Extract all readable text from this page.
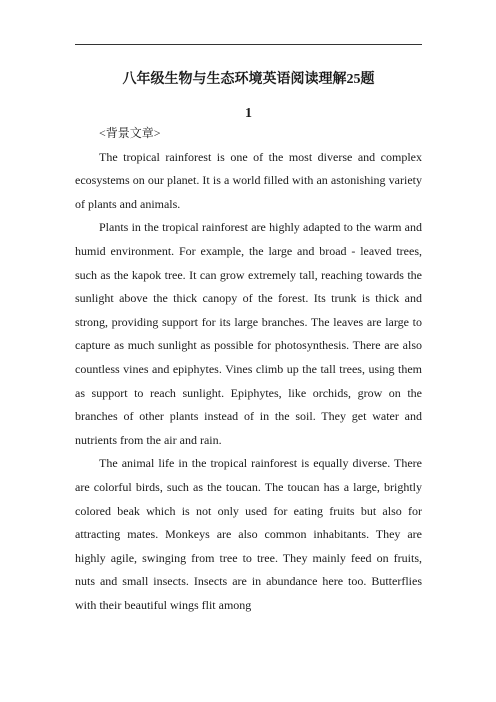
八年级生物与生态环境英语阅读理解25题
1

<背景文章>

The tropical rainforest is one of the most diverse and complex ecosystems on our planet. It is a world filled with an astonishing variety of plants and animals.

Plants in the tropical rainforest are highly adapted to the warm and humid environment. For example, the large and broad - leaved trees, such as the kapok tree. It can grow extremely tall, reaching towards the sunlight above the thick canopy of the forest. Its trunk is thick and strong, providing support for its large branches. The leaves are large to capture as much sunlight as possible for photosynthesis. There are also countless vines and epiphytes. Vines climb up the tall trees, using them as support to reach sunlight. Epiphytes, like orchids, grow on the branches of other plants instead of in the soil. They get water and nutrients from the air and rain.

The animal life in the tropical rainforest is equally diverse. There are colorful birds, such as the toucan. The toucan has a large, brightly colored beak which is not only used for eating fruits but also for attracting mates. Monkeys are also common inhabitants. They are highly agile, swinging from tree to tree. They mainly feed on fruits, nuts and small insects. Insects are in abundance here too. Butterflies with their beautiful wings flit among
